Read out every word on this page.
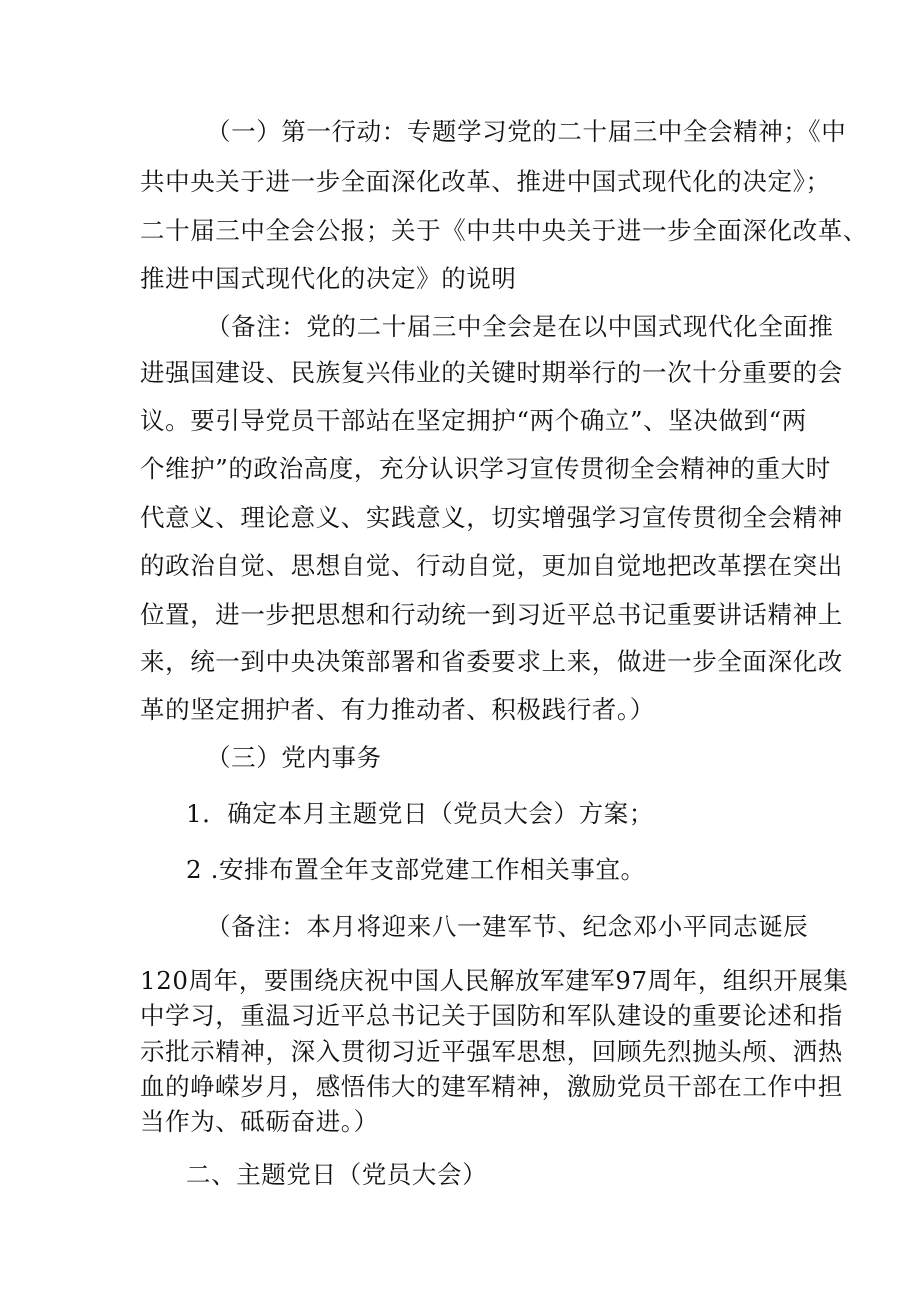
（一）第一行动：专题学习党的二十届三中全会精神；《中
共中央关于进一步全面深化改革、推进中国式现代化的决定》；
二十届三中全会公报；关于《中共中央关于进一步全面深化改革、
推进中国式现代化的决定》的说明
（备注：党的二十届三中全会是在以中国式现代化全面推
进强国建设、民族复兴伟业的关键时期举行的一次十分重要的会
议。要引导党员干部站在坚定拥护“两个确立”、坚决做到“两
个维护”的政治高度，充分认识学习宣传贯彻全会精神的重大时
代意义、理论意义、实践意义，切实增强学习宣传贯彻全会精神
的政治自觉、思想自觉、行动自觉，更加自觉地把改革摆在突出
位置，进一步把思想和行动统一到习近平总书记重要讲话精神上
来，统一到中央决策部署和省委要求上来，做进一步全面深化改
革的坚定拥护者、有力推动者、积极践行者。）
（三）党内事务
1．确定本月主题党日（党员大会）方案；
2 .安排布置全年支部党建工作相关事宜。
（备注：本月将迎来八一建军节、纪念邓小平同志诞辰
120周年，要围绕庆祝中国人民解放军建军97周年，组织开展集
中学习，重温习近平总书记关于国防和军队建设的重要论述和指
示批示精神，深入贯彻习近平强军思想，回顾先烈抛头颅、洒热
血的峥嵘岁月，感悟伟大的建军精神，激励党员干部在工作中担
当作为、砥砺奋进。）
二、主题党日（党员大会）
